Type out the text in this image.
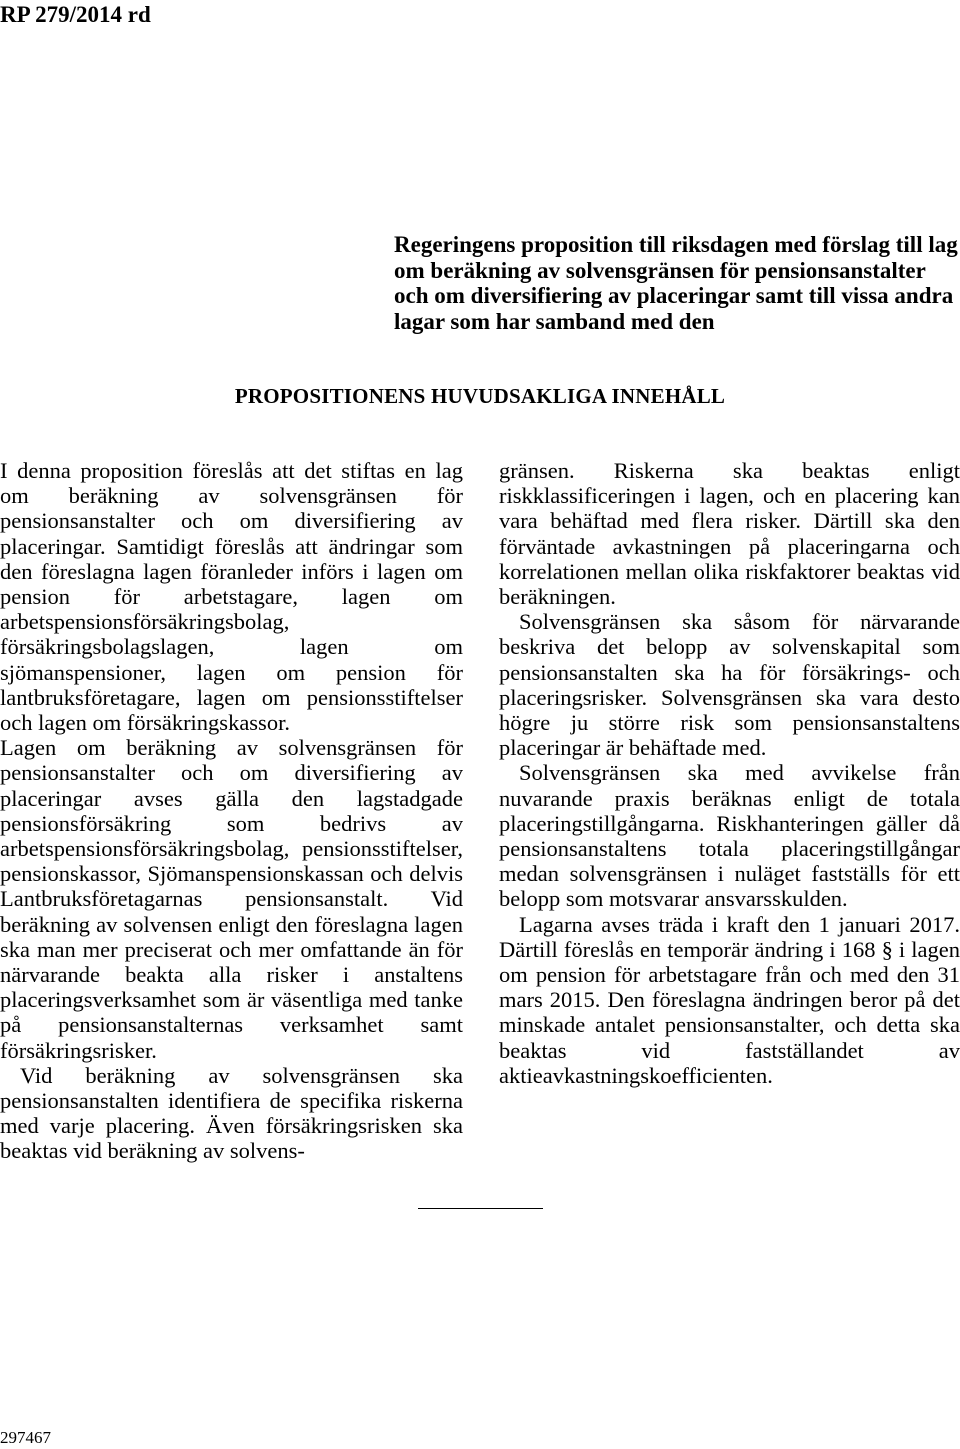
RP 279/2014 rd
Regeringens proposition till riksdagen med förslag till lag om beräkning av solvensgränsen för pensionsanstalter och om diversifiering av placeringar samt till vissa andra lagar som har samband med den
PROPOSITIONENS HUVUDSAKLIGA INNEHÅLL

I denna proposition föreslås att det stiftas en lag om beräkning av solvensgränsen för pensionsanstalter och om diversifiering av placeringar. Samtidigt föreslås att ändringar som den föreslagna lagen föranleder införs i lagen om pension för arbetstagare, lagen om arbetspensionsförsäkringsbolag, försäkringsbolagslagen, lagen om sjömanspensioner, lagen om pension för lantbruksföretagare, lagen om pensionsstiftelser och lagen om försäkringskassor.

Lagen om beräkning av solvensgränsen för pensionsanstalter och om diversifiering av placeringar avses gälla den lagstadgade pensionsförsäkring som bedrivs av arbetspensionsförsäkringsbolag, pensionsstiftelser, pensionskassor, Sjömanspensionskassan och delvis Lantbruksföretagarnas pensionsanstalt. Vid beräkning av solvensen enligt den föreslagna lagen ska man mer preciserat och mer omfattande än för närvarande beakta alla risker i anstaltens placeringsverksamhet som är väsentliga med tanke på pensionsanstalternas verksamhet samt försäkringsrisker.

Vid beräkning av solvensgränsen ska pensionsanstalten identifiera de specifika riskerna med varje placering. Även försäkringsrisken ska beaktas vid beräkning av solvens-

gränsen. Riskerna ska beaktas enligt riskklassificeringen i lagen, och en placering kan vara behäftad med flera risker. Därtill ska den förväntade avkastningen på placeringarna och korrelationen mellan olika riskfaktorer beaktas vid beräkningen.

Solvensgränsen ska såsom för närvarande beskriva det belopp av solvenskapital som pensionsanstalten ska ha för försäkrings- och placeringsrisker. Solvensgränsen ska vara desto högre ju större risk som pensionsanstaltens placeringar är behäftade med.

Solvensgränsen ska med avvikelse från nuvarande praxis beräknas enligt de totala placeringstillgångarna. Riskhanteringen gäller då pensionsanstaltens totala placeringstillgångar medan solvensgränsen i nuläget fastställs för ett belopp som motsvarar ansvarsskulden.

Lagarna avses träda i kraft den 1 januari 2017. Därtill föreslås en temporär ändring i 168 § i lagen om pension för arbetstagare från och med den 31 mars 2015. Den föreslagna ändringen beror på det minskade antalet pensionsanstalter, och detta ska beaktas vid fastställandet av aktieavkastningskoefficienten.

297467
